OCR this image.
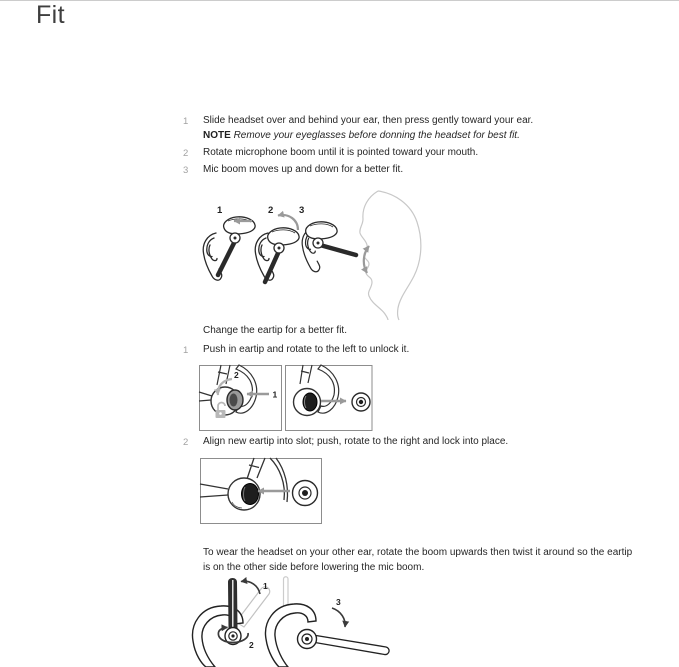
Fit
1 Slide headset over and behind your ear, then press gently toward your ear.
NOTE Remove your eyeglasses before donning the headset for best fit.
2 Rotate microphone boom until it is pointed toward your mouth.
3 Mic boom moves up and down for a better fit.
1	2	3
Change the eartip for a better fit.
1 Push in eartip and rotate to the left to unlock it.
1
2
2 Align new eartip into slot; push, rotate to the right and lock into place.
To wear the headset on your other ear, rotate the boom upwards then twist it around so the eartip
is on the other side before lowering the mic boom.
1
2
3
